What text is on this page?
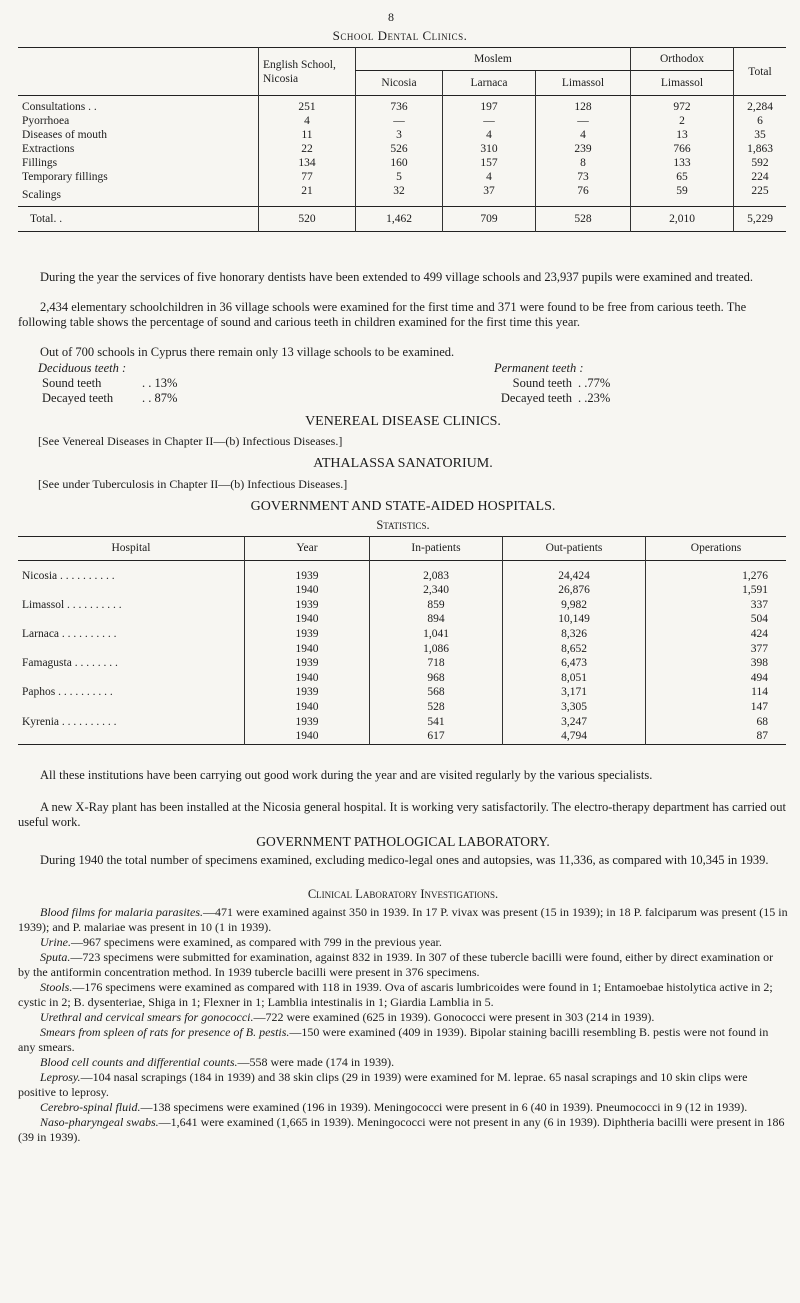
8
School Dental Clinics.
	English School, Nicosia	Moslem			Orthodox	Total
		Nicosia	Larnaca	Limassol	Limassol	
Consultations . .	251	736	197	128	972	2,284
Pyorrhoea	4	—	—	—	2	6
Diseases of mouth	11	3	4	4	13	35
Extractions	22	526	310	239	766	1,863
Fillings	134	160	157	8	133	592
Temporary fillings	77	5	4	73	65	224
Scalings	21	32	37	76	59	225
Total. .	520	1,462	709	528	2,010	5,229
During the year the services of five honorary dentists have been extended to 499 village schools and 23,937 pupils were examined and treated.
2,434 elementary schoolchildren in 36 village schools were examined for the first time and 371 were found to be free from carious teeth. The following table shows the percentage of sound and carious teeth in children examined for the first time this year.
Out of 700 schools in Cyprus there remain only 13 village schools to be examined.
Deciduous teeth :	Permanent teeth :
Sound teeth	. . 13%	Sound teeth . .77%
Decayed teeth	. . 87%	Decayed teeth . .23%
VENEREAL DISEASE CLINICS.
[See Venereal Diseases in Chapter II—(b) Infectious Diseases.]
ATHALASSA SANATORIUM.
[See under Tuberculosis in Chapter II—(b) Infectious Diseases.]
GOVERNMENT AND STATE-AIDED HOSPITALS.
Statistics.
Hospital	Year	In-patients	Out-patients	Operations
Nicosia . . . . . . . . . .	1939	2,083	24,424	1,276
	1940	2,340	26,876	1,591
Limassol . . . . . . . . . .	1939	859	9,982	337
	1940	894	10,149	504
Larnaca . . . . . . . . . .	1939	1,041	8,326	424
	1940	1,086	8,652	377
Famagusta . . . . . . . .	1939	718	6,473	398
	1940	968	8,051	494
Paphos . . . . . . . . . .	1939	568	3,171	114
	1940	528	3,305	147
Kyrenia . . . . . . . . . .	1939	541	3,247	68
	1940	617	4,794	87
All these institutions have been carrying out good work during the year and are visited regularly by the various specialists.
A new X-Ray plant has been installed at the Nicosia general hospital. It is working very satisfactorily. The electro-therapy department has carried out useful work.
GOVERNMENT PATHOLOGICAL LABORATORY.
During 1940 the total number of specimens examined, excluding medico-legal ones and autopsies, was 11,336, as compared with 10,345 in 1939.
Clinical Laboratory Investigations.
Blood films for malaria parasites.—471 were examined against 350 in 1939. In 17 P. vivax was present (15 in 1939); in 18 P. falciparum was present (15 in 1939); and P. malariae was present in 10 (1 in 1939).
Urine.—967 specimens were examined, as compared with 799 in the previous year.
Sputa.—723 specimens were submitted for examination, against 832 in 1939. In 307 of these tubercle bacilli were found, either by direct examination or by the antiformin concentration method. In 1939 tubercle bacilli were present in 376 specimens.
Stools.—176 specimens were examined as compared with 118 in 1939. Ova of ascaris lumbricoides were found in 1; Entamoebae histolytica active in 2; cystic in 2; B. dysenteriae, Shiga in 1; Flexner in 1; Lamblia intestinalis in 1; Giardia Lamblia in 5.
Urethral and cervical smears for gonococci.—722 were examined (625 in 1939). Gonococci were present in 303 (214 in 1939).
Smears from spleen of rats for presence of B. pestis.—150 were examined (409 in 1939). Bipolar staining bacilli resembling B. pestis were not found in any smears.
Blood cell counts and differential counts.—558 were made (174 in 1939).
Leprosy.—104 nasal scrapings (184 in 1939) and 38 skin clips (29 in 1939) were examined for M. leprae. 65 nasal scrapings and 10 skin clips were positive to leprosy.
Cerebro-spinal fluid.—138 specimens were examined (196 in 1939). Meningococci were present in 6 (40 in 1939). Pneumococci in 9 (12 in 1939).
Naso-pharyngeal swabs.—1,641 were examined (1,665 in 1939). Meningococci were not present in any (6 in 1939). Diphtheria bacilli were present in 186 (39 in 1939).
